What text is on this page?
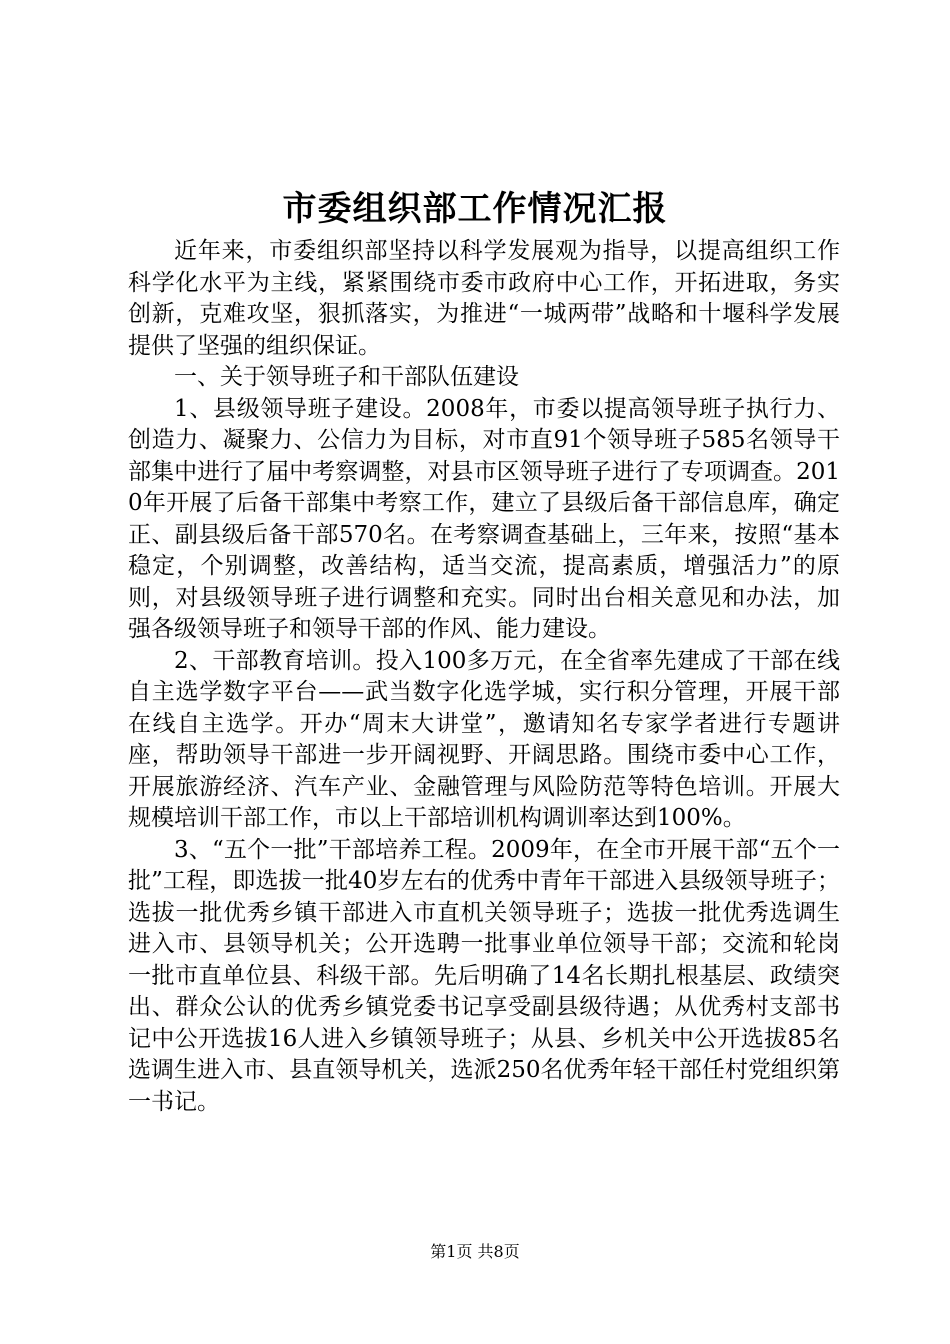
市委组织部工作情况汇报

近年来，市委组织部坚持以科学发展观为指导，以提高组织工作科学化水平为主线，紧紧围绕市委市政府中心工作，开拓进取，务实创新，克难攻坚，狠抓落实，为推进“一城两带”战略和十堰科学发展提供了坚强的组织保证。

一、关于领导班子和干部队伍建设

1、县级领导班子建设。2008年，市委以提高领导班子执行力、创造力、凝聚力、公信力为目标，对市直91个领导班子585名领导干部集中进行了届中考察调整，对县市区领导班子进行了专项调查。2010年开展了后备干部集中考察工作，建立了县级后备干部信息库，确定正、副县级后备干部570名。在考察调查基础上，三年来，按照“基本稳定，个别调整，改善结构，适当交流，提高素质，增强活力”的原则，对县级领导班子进行调整和充实。同时出台相关意见和办法，加强各级领导班子和领导干部的作风、能力建设。

2、干部教育培训。投入100多万元，在全省率先建成了干部在线自主选学数字平台——武当数字化选学城，实行积分管理，开展干部在线自主选学。开办“周末大讲堂”，邀请知名专家学者进行专题讲座，帮助领导干部进一步开阔视野、开阔思路。围绕市委中心工作，开展旅游经济、汽车产业、金融管理与风险防范等特色培训。开展大规模培训干部工作，市以上干部培训机构调训率达到100%。

3、“五个一批”干部培养工程。2009年，在全市开展干部“五个一批”工程，即选拔一批40岁左右的优秀中青年干部进入县级领导班子；选拔一批优秀乡镇干部进入市直机关领导班子；选拔一批优秀选调生进入市、县领导机关；公开选聘一批事业单位领导干部；交流和轮岗一批市直单位县、科级干部。先后明确了14名长期扎根基层、政绩突出、群众公认的优秀乡镇党委书记享受副县级待遇；从优秀村支部书记中公开选拔16人进入乡镇领导班子；从县、乡机关中公开选拔85名选调生进入市、县直领导机关，选派250名优秀年轻干部任村党组织第一书记。

第1页 共8页
